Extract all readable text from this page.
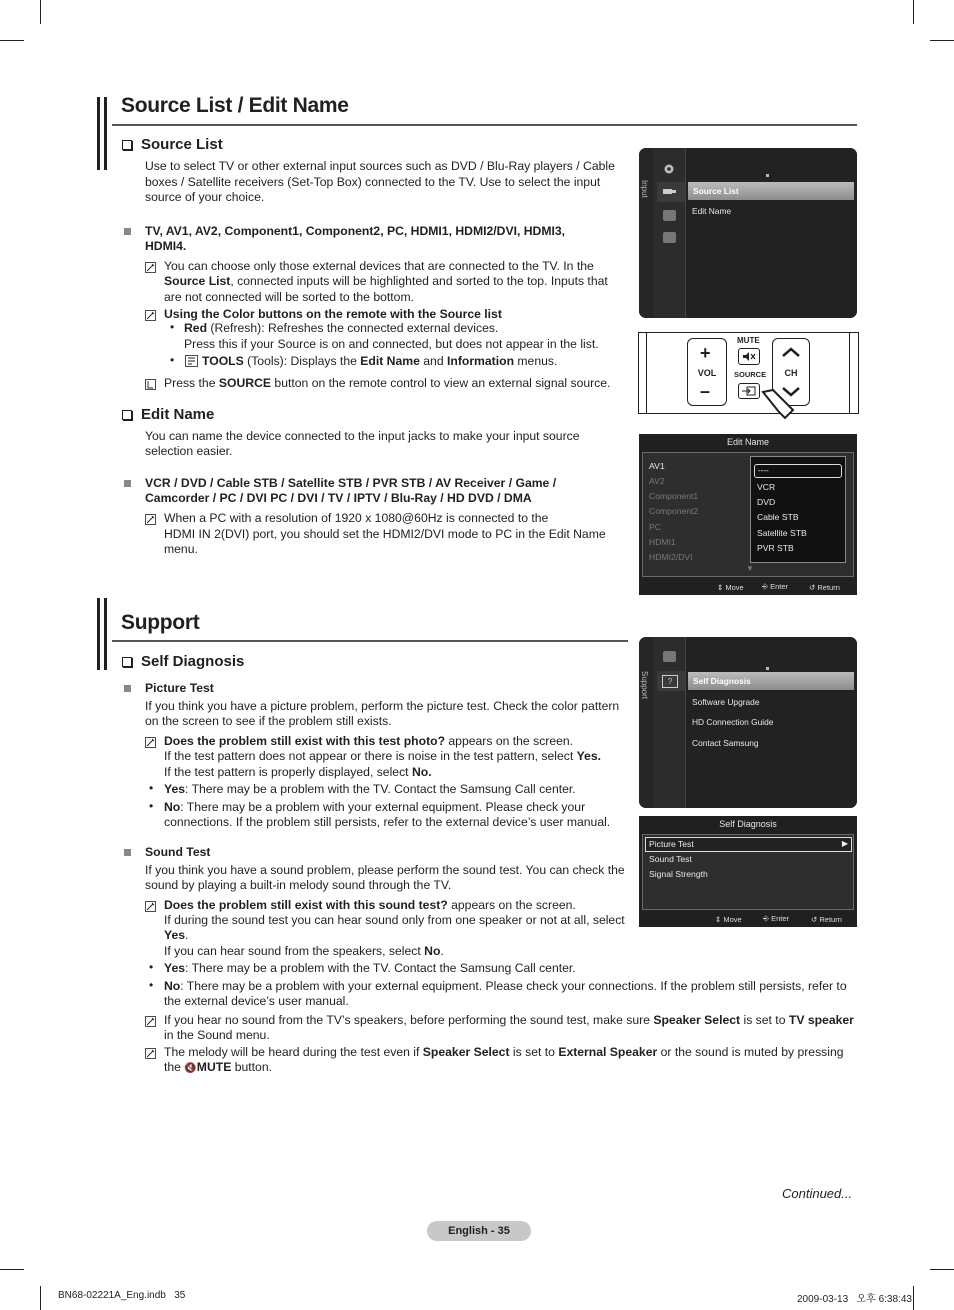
Source List / Edit Name
Source List
Use to select TV or other external input sources such as DVD / Blu-Ray players / Cable boxes / Satellite receivers (Set-Top Box) connected to the TV. Use to select the input source of your choice.
TV, AV1, AV2, Component1, Component2, PC, HDMI1, HDMI2/DVI, HDMI3,
HDMI4.
You can choose only those external devices that are connected to the TV. In the
Source List, connected inputs will be highlighted and sorted to the top. Inputs that
are not connected will be sorted to the bottom.
Using the Color buttons on the remote with the Source list
• Red (Refresh): Refreshes the connected external devices.
Press this if your Source is on and connected, but does not appear in the list.
• TOOLS (Tools): Displays the Edit Name and Information menus.
Press the SOURCE button on the remote control to view an external signal source.
Edit Name
You can name the device connected to the input jacks to make your input source
selection easier.
VCR / DVD / Cable STB / Satellite STB / PVR STB / AV Receiver / Game /
Camcorder / PC / DVI PC / DVI / TV / IPTV / Blu-Ray / HD DVD / DMA
When a PC with a resolution of 1920 x 1080@60Hz is connected to the
HDMI IN 2(DVI) port, you should set the HDMI2/DVI mode to PC in the Edit Name
menu.
Input	Source List
Edit Name
+
VOL
–
MUTE
SOURCE	CH
Edit Name
AV1
AV2
Component1
Component2
PC
HDMI1
HDMI2/DVI
▼
----
VCR
DVD
Cable STB
Satellite STB
PVR STB
⇕ Move ⎆ Enter	↺ Return
Support
Self Diagnosis
Picture Test
If you think you have a picture problem, perform the picture test. Check the color pattern
on the screen to see if the problem still exists.
Does the problem still exist with this test photo? appears on the screen.
If the test pattern does not appear or there is noise in the test pattern, select Yes.
If the test pattern is properly displayed, select No.
• Yes: There may be a problem with the TV. Contact the Samsung Call center.
• No: There may be a problem with your external equipment. Please check your
connections. If the problem still persists, refer to the external device’s user manual.
Sound Test
If you think you have a sound problem, please perform the sound test. You can check the
sound by playing a built-in melody sound through the TV.
Does the problem still exist with this sound test? appears on the screen.
If during the sound test you can hear sound only from one speaker or not at all, select
Yes.
If you can hear sound from the speakers, select No.
• Yes: There may be a problem with the TV. Contact the Samsung Call center.
• No: There may be a problem with your external equipment. Please check your connections. If the problem still persists, refer to
the external device’s user manual.
If you hear no sound from the TV’s speakers, before performing the sound test, make sure Speaker Select is set to TV speaker
in the Sound menu.
The melody will be heard during the test even if Speaker Select is set to External Speaker or the sound is muted by pressing
the 🔇MUTE button.
Support	?	Self Diagnosis
Software Upgrade
HD Connection Guide
Contact Samsung
Self Diagnosis
Picture Test	▶
Sound Test
Signal Strength
⇕ Move	⎆ Enter	↺ Return
Continued...
English - 35
BN68-02221A_Eng.indb   35	2009-03-13   오후 6:38:43
